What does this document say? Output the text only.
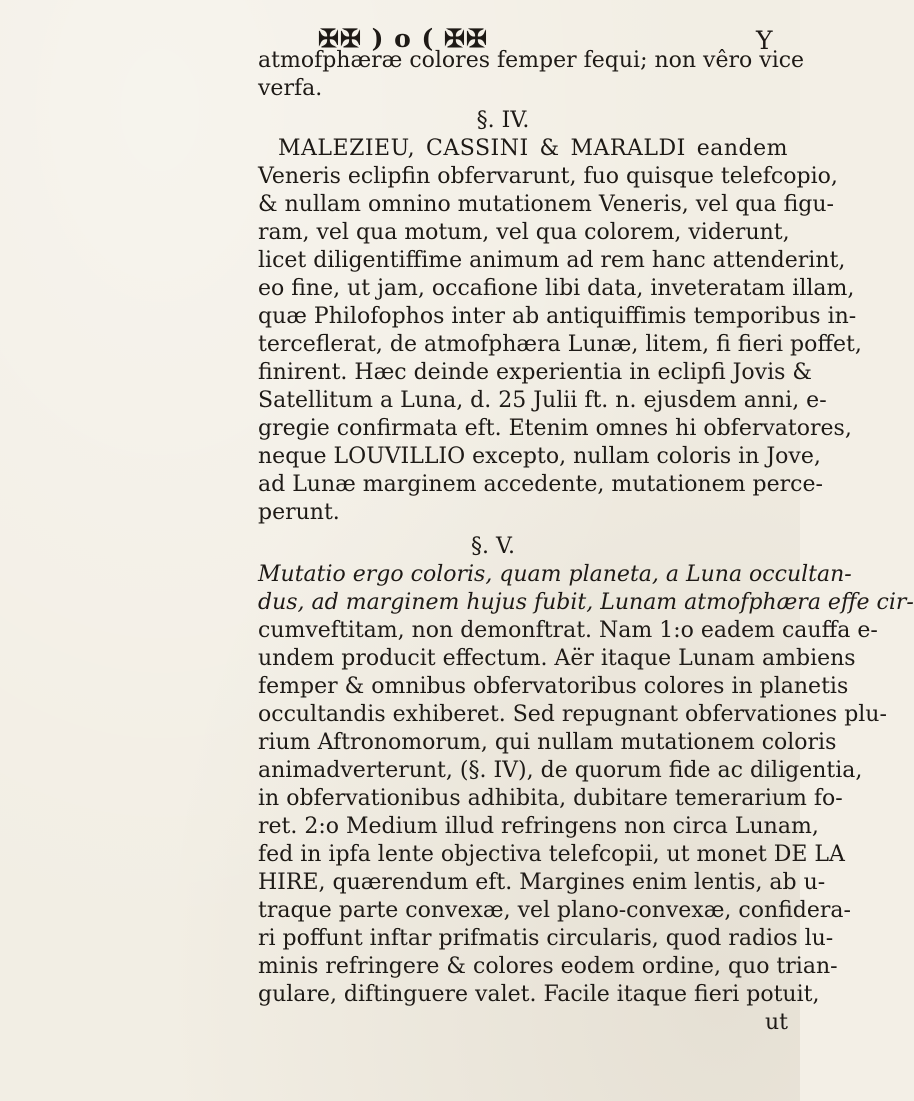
✠✠ ) o ( ✠✠	Y
atmofphæræ colores femper fequi; non vêro vice
verfa.
§. IV.
MALEZIEU, CASSINI & MARALDI eandem
Veneris eclipfin obfervarunt, fuo quisque telefcopio,
& nullam omnino mutationem Veneris, vel qua figu-
ram, vel qua motum, vel qua colorem, viderunt,
licet diligentiffime animum ad rem hanc attenderint,
eo fine, ut jam, occafione libi data, inveteratam illam,
quæ Philofophos inter ab antiquiffimis temporibus in-
terceflerat, de atmofphæra Lunæ, litem, fi fieri poffet,
finirent. Hæc deinde experientia in eclipfi Jovis &
Satellitum a Luna, d. 25 Julii ft. n. ejusdem anni, e-
gregie confirmata eft. Etenim omnes hi obfervatores,
neque LOUVILLIO excepto, nullam coloris in Jove,
ad Lunæ marginem accedente, mutationem perce-
perunt.
§. V.
Mutatio ergo coloris, quam planeta, a Luna occultan-
dus, ad marginem hujus fubit, Lunam atmofphæra effe cir-
cumveftitam, non demonftrat. Nam 1:o eadem cauffa e-
undem producit effectum. Aër itaque Lunam ambiens
femper & omnibus obfervatoribus colores in planetis
occultandis exhiberet. Sed repugnant obfervationes plu-
rium Aftronomorum, qui nullam mutationem coloris
animadverterunt, (§. IV), de quorum fide ac diligentia,
in obfervationibus adhibita, dubitare temerarium fo-
ret. 2:o Medium illud refringens non circa Lunam,
fed in ipfa lente objectiva telefcopii, ut monet DE LA
HIRE, quærendum eft. Margines enim lentis, ab u-
traque parte convexæ, vel plano-convexæ, confidera-
ri poffunt inftar prifmatis circularis, quod radios lu-
minis refringere & colores eodem ordine, quo trian-
gulare, diftinguere valet. Facile itaque fieri potuit,
ut
